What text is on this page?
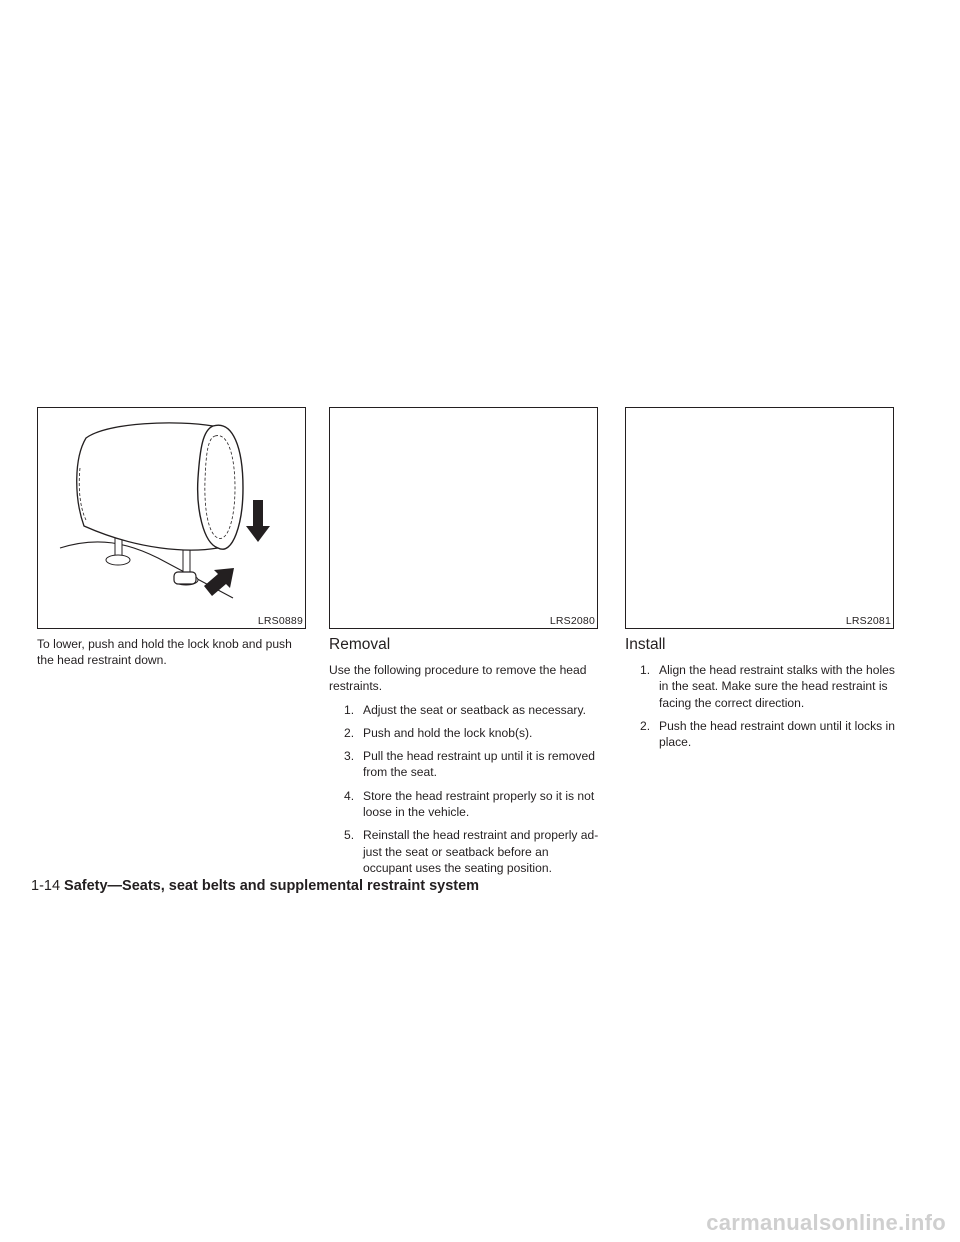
LRS0889	LRS2080	LRS2081

To lower, push and hold the lock knob and push the head restraint down.

Removal

Use the following procedure to remove the head restraints.

1. Adjust the seat or seatback as necessary.
2. Push and hold the lock knob(s).
3. Pull the head restraint up until it is removed from the seat.
4. Store the head restraint properly so it is not loose in the vehicle.
5. Reinstall the head restraint and properly ad-just the seat or seatback before an occupant uses the seating position.
Install
1. Align the head restraint stalks with the holes in the seat. Make sure the head restraint is facing the correct direction.
2. Push the head restraint down until it locks in place.
1-14 Safety—Seats, seat belts and supplemental restraint system
carmanualsonline.info
